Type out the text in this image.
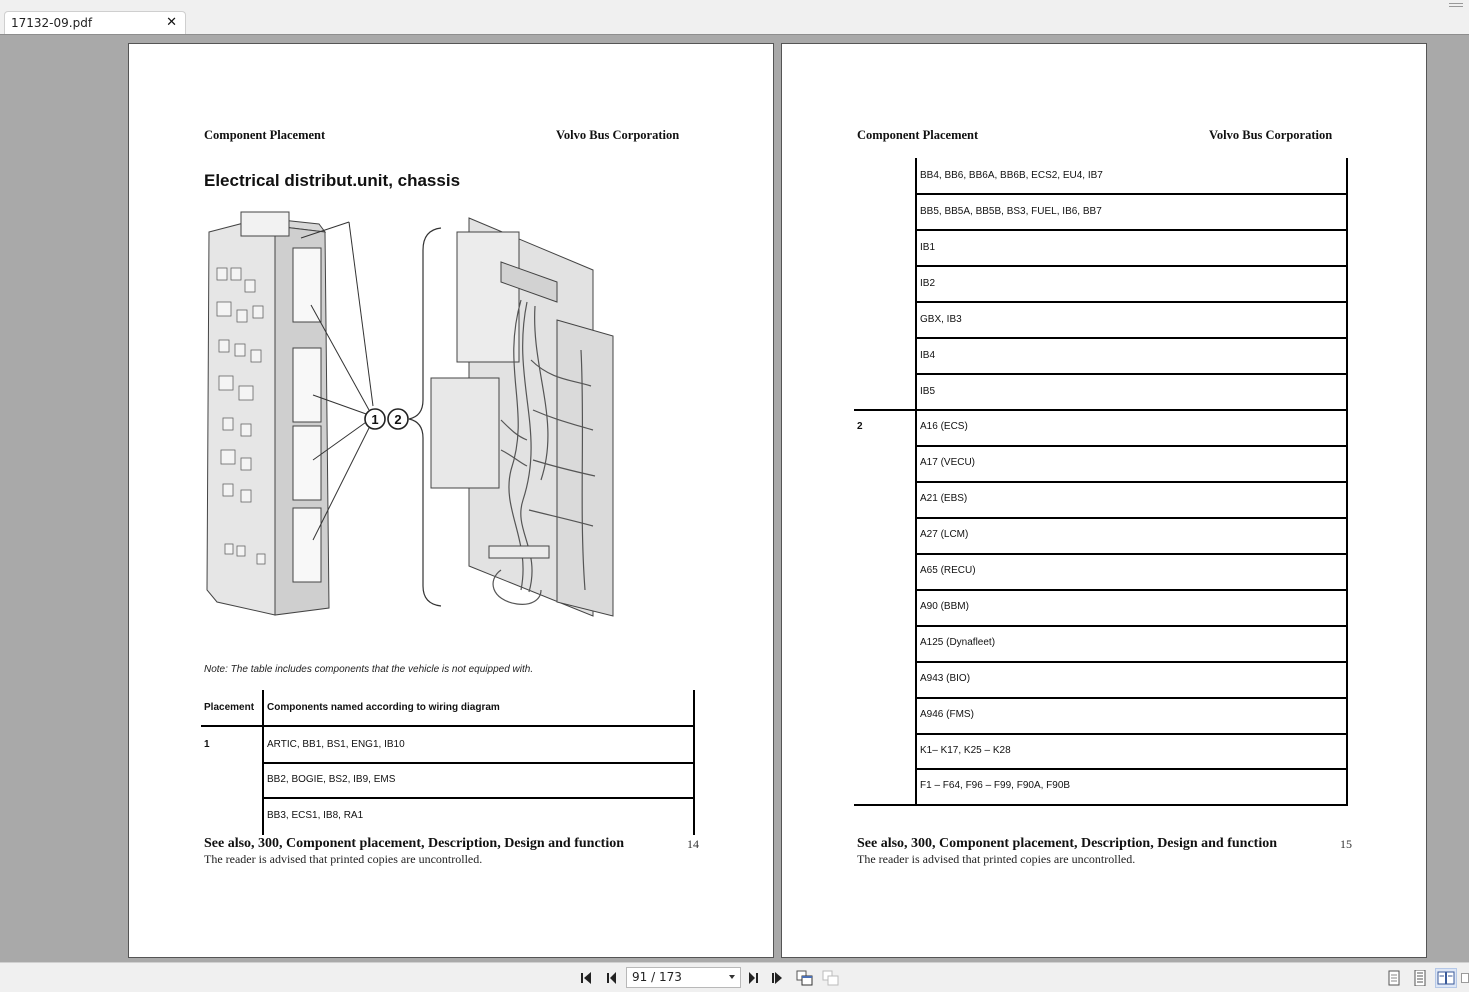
17132-09.pdf	✕
Component Placement	Volvo Bus Corporation
Electrical distribut.unit, chassis
1 2
Note: The table includes components that the vehicle is not equipped with.
Placement	Components named according to wiring diagram
1	ARTIC, BB1, BS1, ENG1, IB10
BB2, BOGIE, BS2, IB9, EMS
BB3, ECS1, IB8, RA1
See also, 300, Component placement, Description, Design and function	14
The reader is advised that printed copies are uncontrolled.
Component Placement	Volvo Bus Corporation
BB4, BB6, BB6A, BB6B, ECS2, EU4, IB7
BB5, BB5A, BB5B, BS3, FUEL, IB6, BB7
IB1
IB2
GBX, IB3
IB4
IB5
2	A16 (ECS)
A17 (VECU)
A21 (EBS)
A27 (LCM)
A65 (RECU)
A90 (BBM)
A125 (Dynafleet)
A943 (BIO)
A946 (FMS)
K1– K17, K25 – K28
F1 – F64, F96 – F99, F90A, F90B
See also, 300, Component placement, Description, Design and function	15
The reader is advised that printed copies are uncontrolled.
91 / 173
